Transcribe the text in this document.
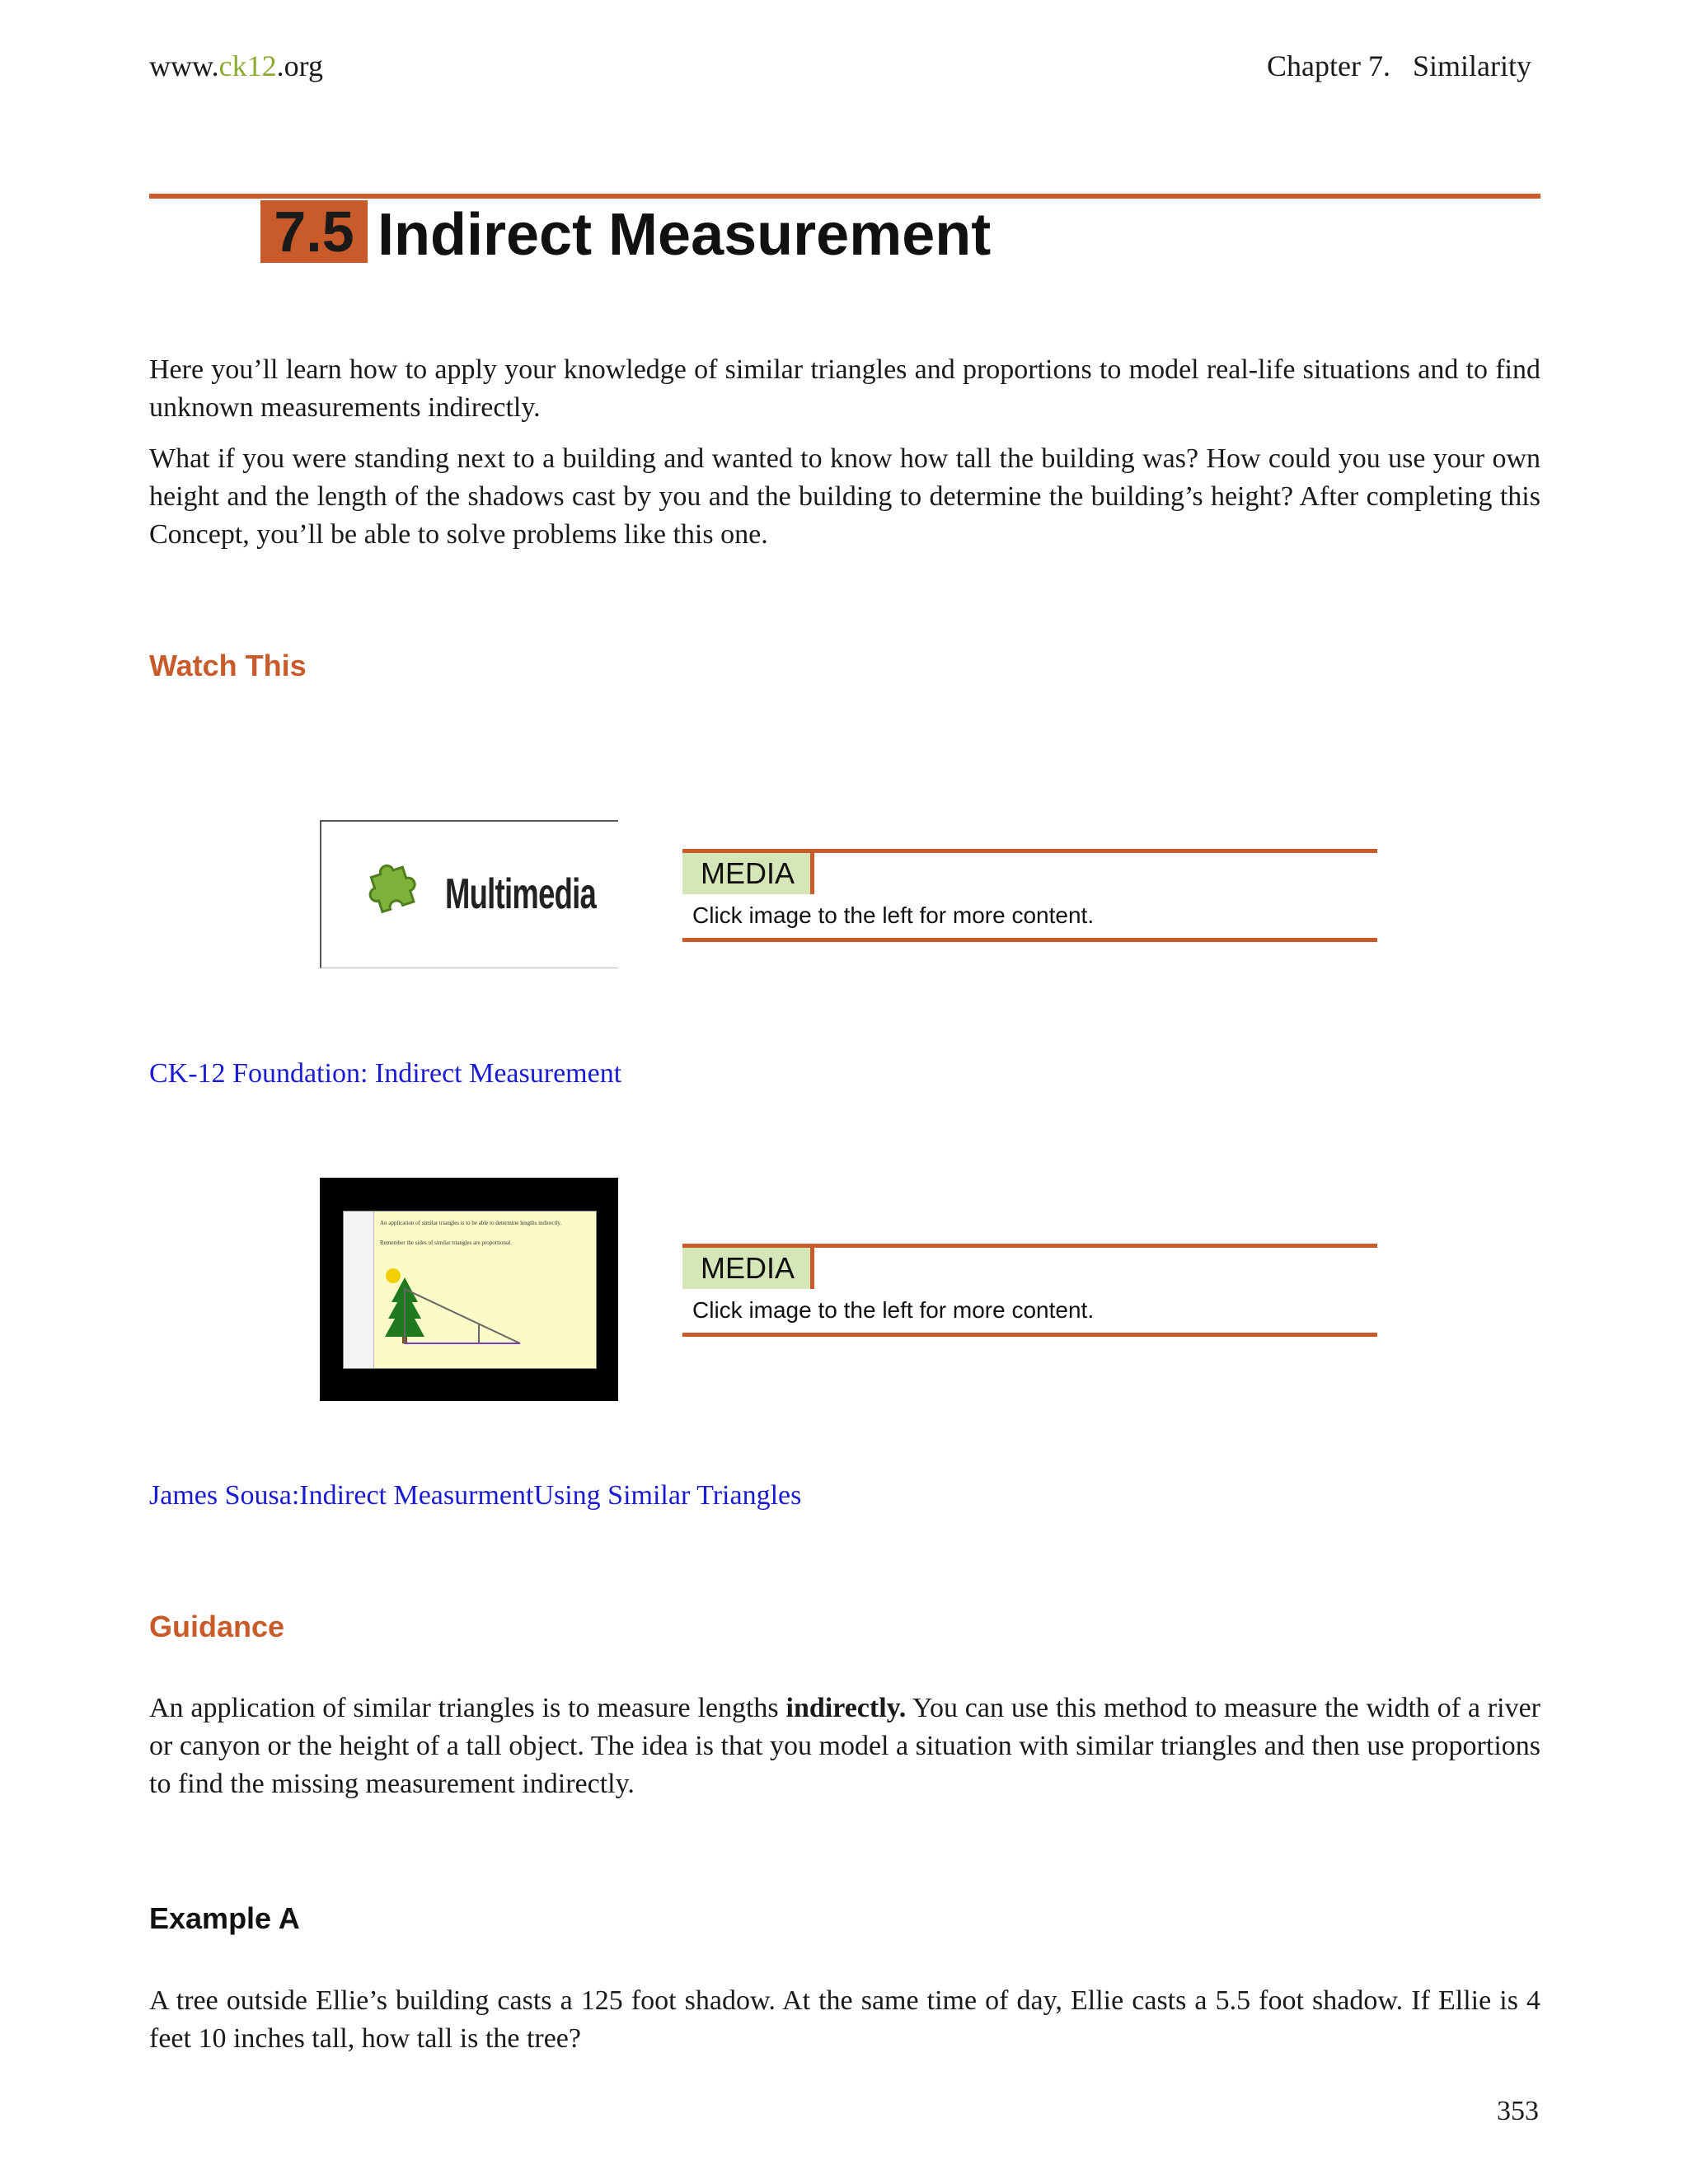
www.ck12.org	Chapter 7.   Similarity
7.5 Indirect Measurement

Here you’ll learn how to apply your knowledge of similar triangles and proportions to model real-life situations and to find unknown measurements indirectly.

What if you were standing next to a building and wanted to know how tall the building was? How could you use your own height and the length of the shadows cast by you and the building to determine the building’s height? After completing this Concept, you’ll be able to solve problems like this one.

Watch This
Multimedia	MEDIA
Click image to the left for more content.
CK-12 Foundation: Indirect Measurement
An application of similar triangles is to be able to determine lengths indirectly.
Remember the sides of similar triangles are proportional.
MEDIA
Click image to the left for more content.
James Sousa:Indirect MeasurmentUsing Similar Triangles
Guidance

An application of similar triangles is to measure lengths indirectly. You can use this method to measure the width of a river or canyon or the height of a tall object. The idea is that you model a situation with similar triangles and then use proportions to find the missing measurement indirectly.

Example A

A tree outside Ellie’s building casts a 125 foot shadow. At the same time of day, Ellie casts a 5.5 foot shadow. If Ellie is 4 feet 10 inches tall, how tall is the tree?

353
